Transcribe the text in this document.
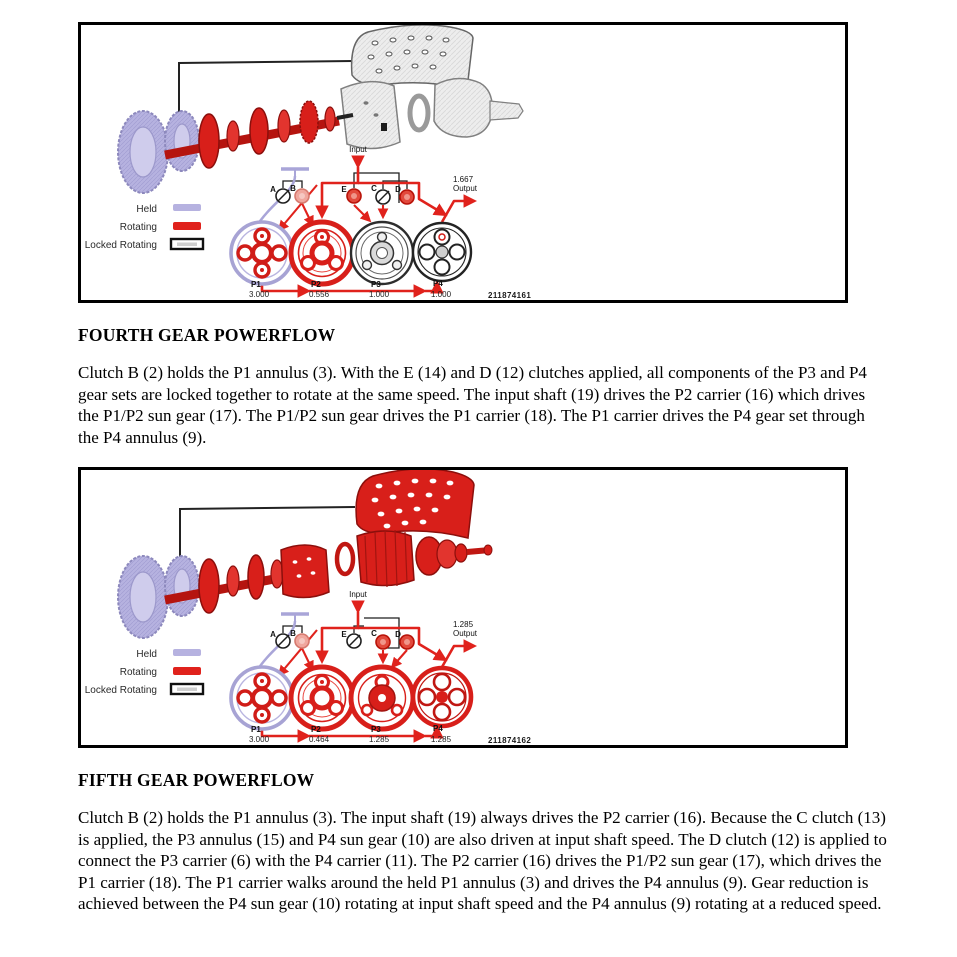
Held
Rotating
Locked Rotating
Input
1.667
Output
A B	E	C D
P1
3.000
P2
0.556
P3
1.000
P4
1.000	211874161
FOURTH GEAR POWERFLOW

Clutch B (2) holds the P1 annulus (3). With the E (14) and D (12) clutches applied, all components of the P3 and P4 gear sets are locked together to rotate at the same speed. The input shaft (19) drives the P2 carrier (16) which drives the P1/P2 sun gear (17). The P1/P2 sun gear drives the P1 carrier (18). The P1 carrier drives the P4 gear set through the P4 annulus (9).

Held
Rotating
Locked Rotating
Input
1.285
Output
A B	E	C D
P1
3.000
P2
0.464
P3
1.285
P4
1.285	211874162
FIFTH GEAR POWERFLOW

Clutch B (2) holds the P1 annulus (3). The input shaft (19) always drives the P2 carrier (16). Because the C clutch (13) is applied, the P3 annulus (15) and P4 sun gear (10) are also driven at input shaft speed. The D clutch (12) is applied to connect the P3 carrier (6) with the P4 carrier (11). The P2 carrier (16) drives the P1/P2 sun gear (17), which drives the P1 carrier (18). The P1 carrier walks around the held P1 annulus (3) and drives the P4 annulus (9). Gear reduction is achieved between the P4 sun gear (10) rotating at input shaft speed and the P4 annulus (9) rotating at a reduced speed.
